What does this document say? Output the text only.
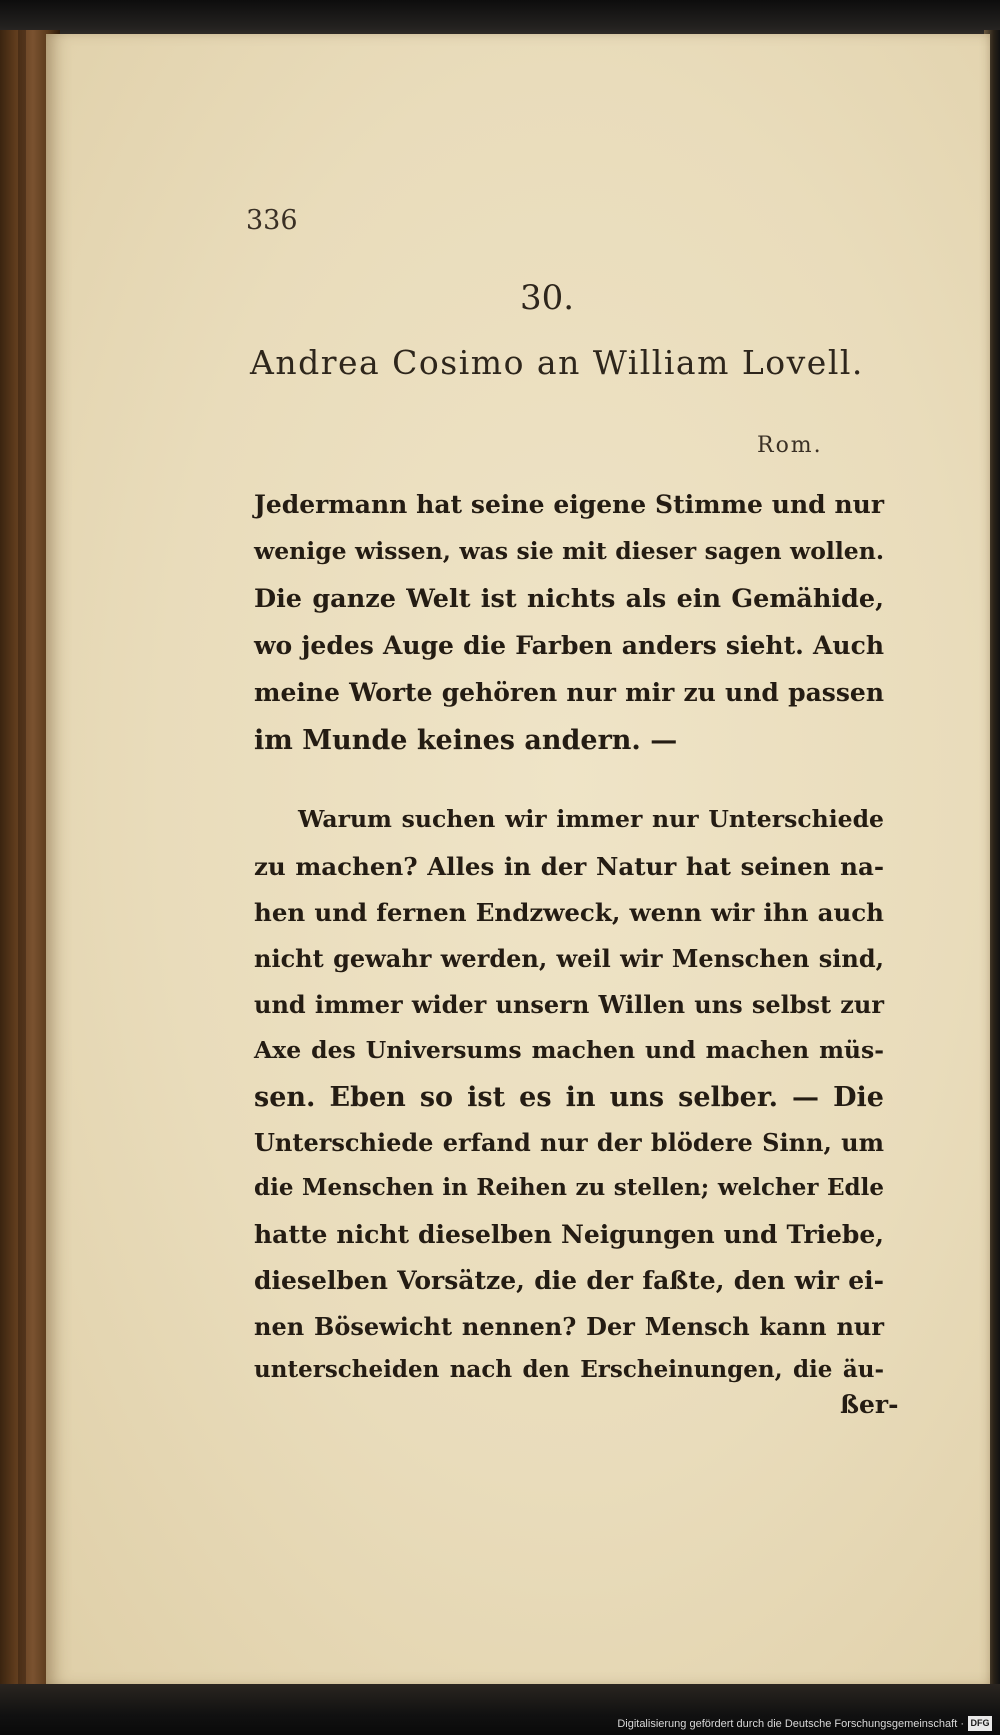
336
30.
Andrea Cosimo an William Lovell.
Rom.
Jedermann hat seine eigene Stimme und nur
wenige wissen, was sie mit dieser sagen wollen.
Die ganze Welt ist nichts als ein Gemähide,
wo jedes Auge die Farben anders sieht. Auch
meine Worte gehören nur mir zu und passen
im Munde keines andern. —
Warum suchen wir immer nur Unterschiede
zu machen? Alles in der Natur hat seinen na-
hen und fernen Endzweck, wenn wir ihn auch
nicht gewahr werden, weil wir Menschen sind,
und immer wider unsern Willen uns selbst zur
Axe des Universums machen und machen müs-
sen. Eben so ist es in uns selber. — Die
Unterschiede erfand nur der blödere Sinn, um
die Menschen in Reihen zu stellen; welcher Edle
hatte nicht dieselben Neigungen und Triebe,
dieselben Vorsätze, die der faßte, den wir ei-
nen Bösewicht nennen? Der Mensch kann nur
unterscheiden nach den Erscheinungen, die äu-
ßer-
Digitalisierung gefördert durch die Deutsche Forschungsgemeinschaft · DFG
